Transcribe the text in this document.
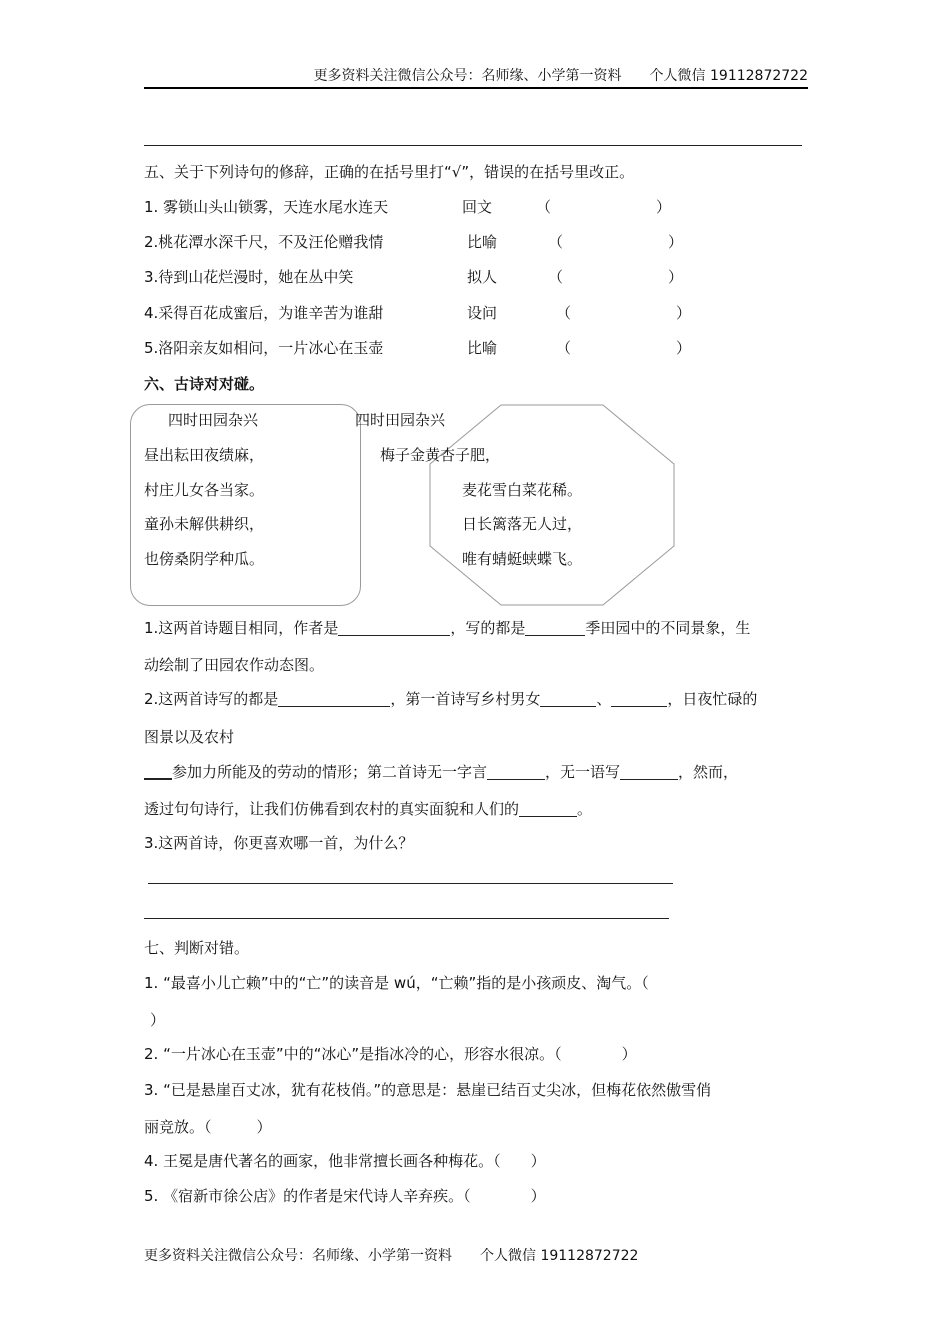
更多资料关注微信公众号：名师缘、小学第一资料　　个人微信 19112872722
五、关于下列诗句的修辞，正确的在括号里打“√”，错误的在括号里改正。
1. 雾锁山头山锁雾，天连水尾水连天	回文	（　　　　　　　）
2.桃花潭水深千尺，不及汪伦赠我情	比喻	（　　　　　　　）
3.待到山花烂漫时，她在丛中笑	拟人	（　　　　　　　）
4.采得百花成蜜后，为谁辛苦为谁甜	设问	（　　　　　　　）
5.洛阳亲友如相问，一片冰心在玉壶	比喻	（　　　　　　　）
六、古诗对对碰。
四时田园杂兴
昼出耘田夜绩麻，
村庄儿女各当家。
童孙未解供耕织，
也傍桑阴学种瓜。
四时田园杂兴
梅子金黄杏子肥，
麦花雪白菜花稀。
日长篱落无人过，
唯有蜻蜓蛱蝶飞。
1.这两首诗题目相同，作者是	，写的都是	季田园中的不同景象，生
动绘制了田园农作动态图。
2.这两首诗写的都是	，第一首诗写乡村男女	、	，日夜忙碌的
图景以及农村
参加力所能及的劳动的情形；第二首诗无一字言	，无一语写	，然而，
透过句句诗行，让我们仿佛看到农村的真实面貌和人们的	。
3.这两首诗，你更喜欢哪一首，为什么？
七、判断对错。
1. “最喜小儿亡赖”中的“亡”的读音是 wú，“亡赖”指的是小孩顽皮、淘气。（
）
2. “一片冰心在玉壶”中的“冰心”是指冰冷的心，形容水很凉。（　　　　）
3. “已是悬崖百丈冰，犹有花枝俏。”的意思是：悬崖已结百丈尖冰，但梅花依然傲雪俏
丽竞放。（　　　）
4. 王冕是唐代著名的画家，他非常擅长画各种梅花。（　　）
5. 《宿新市徐公店》的作者是宋代诗人辛弃疾。（　　　　）
更多资料关注微信公众号：名师缘、小学第一资料　　个人微信 19112872722
